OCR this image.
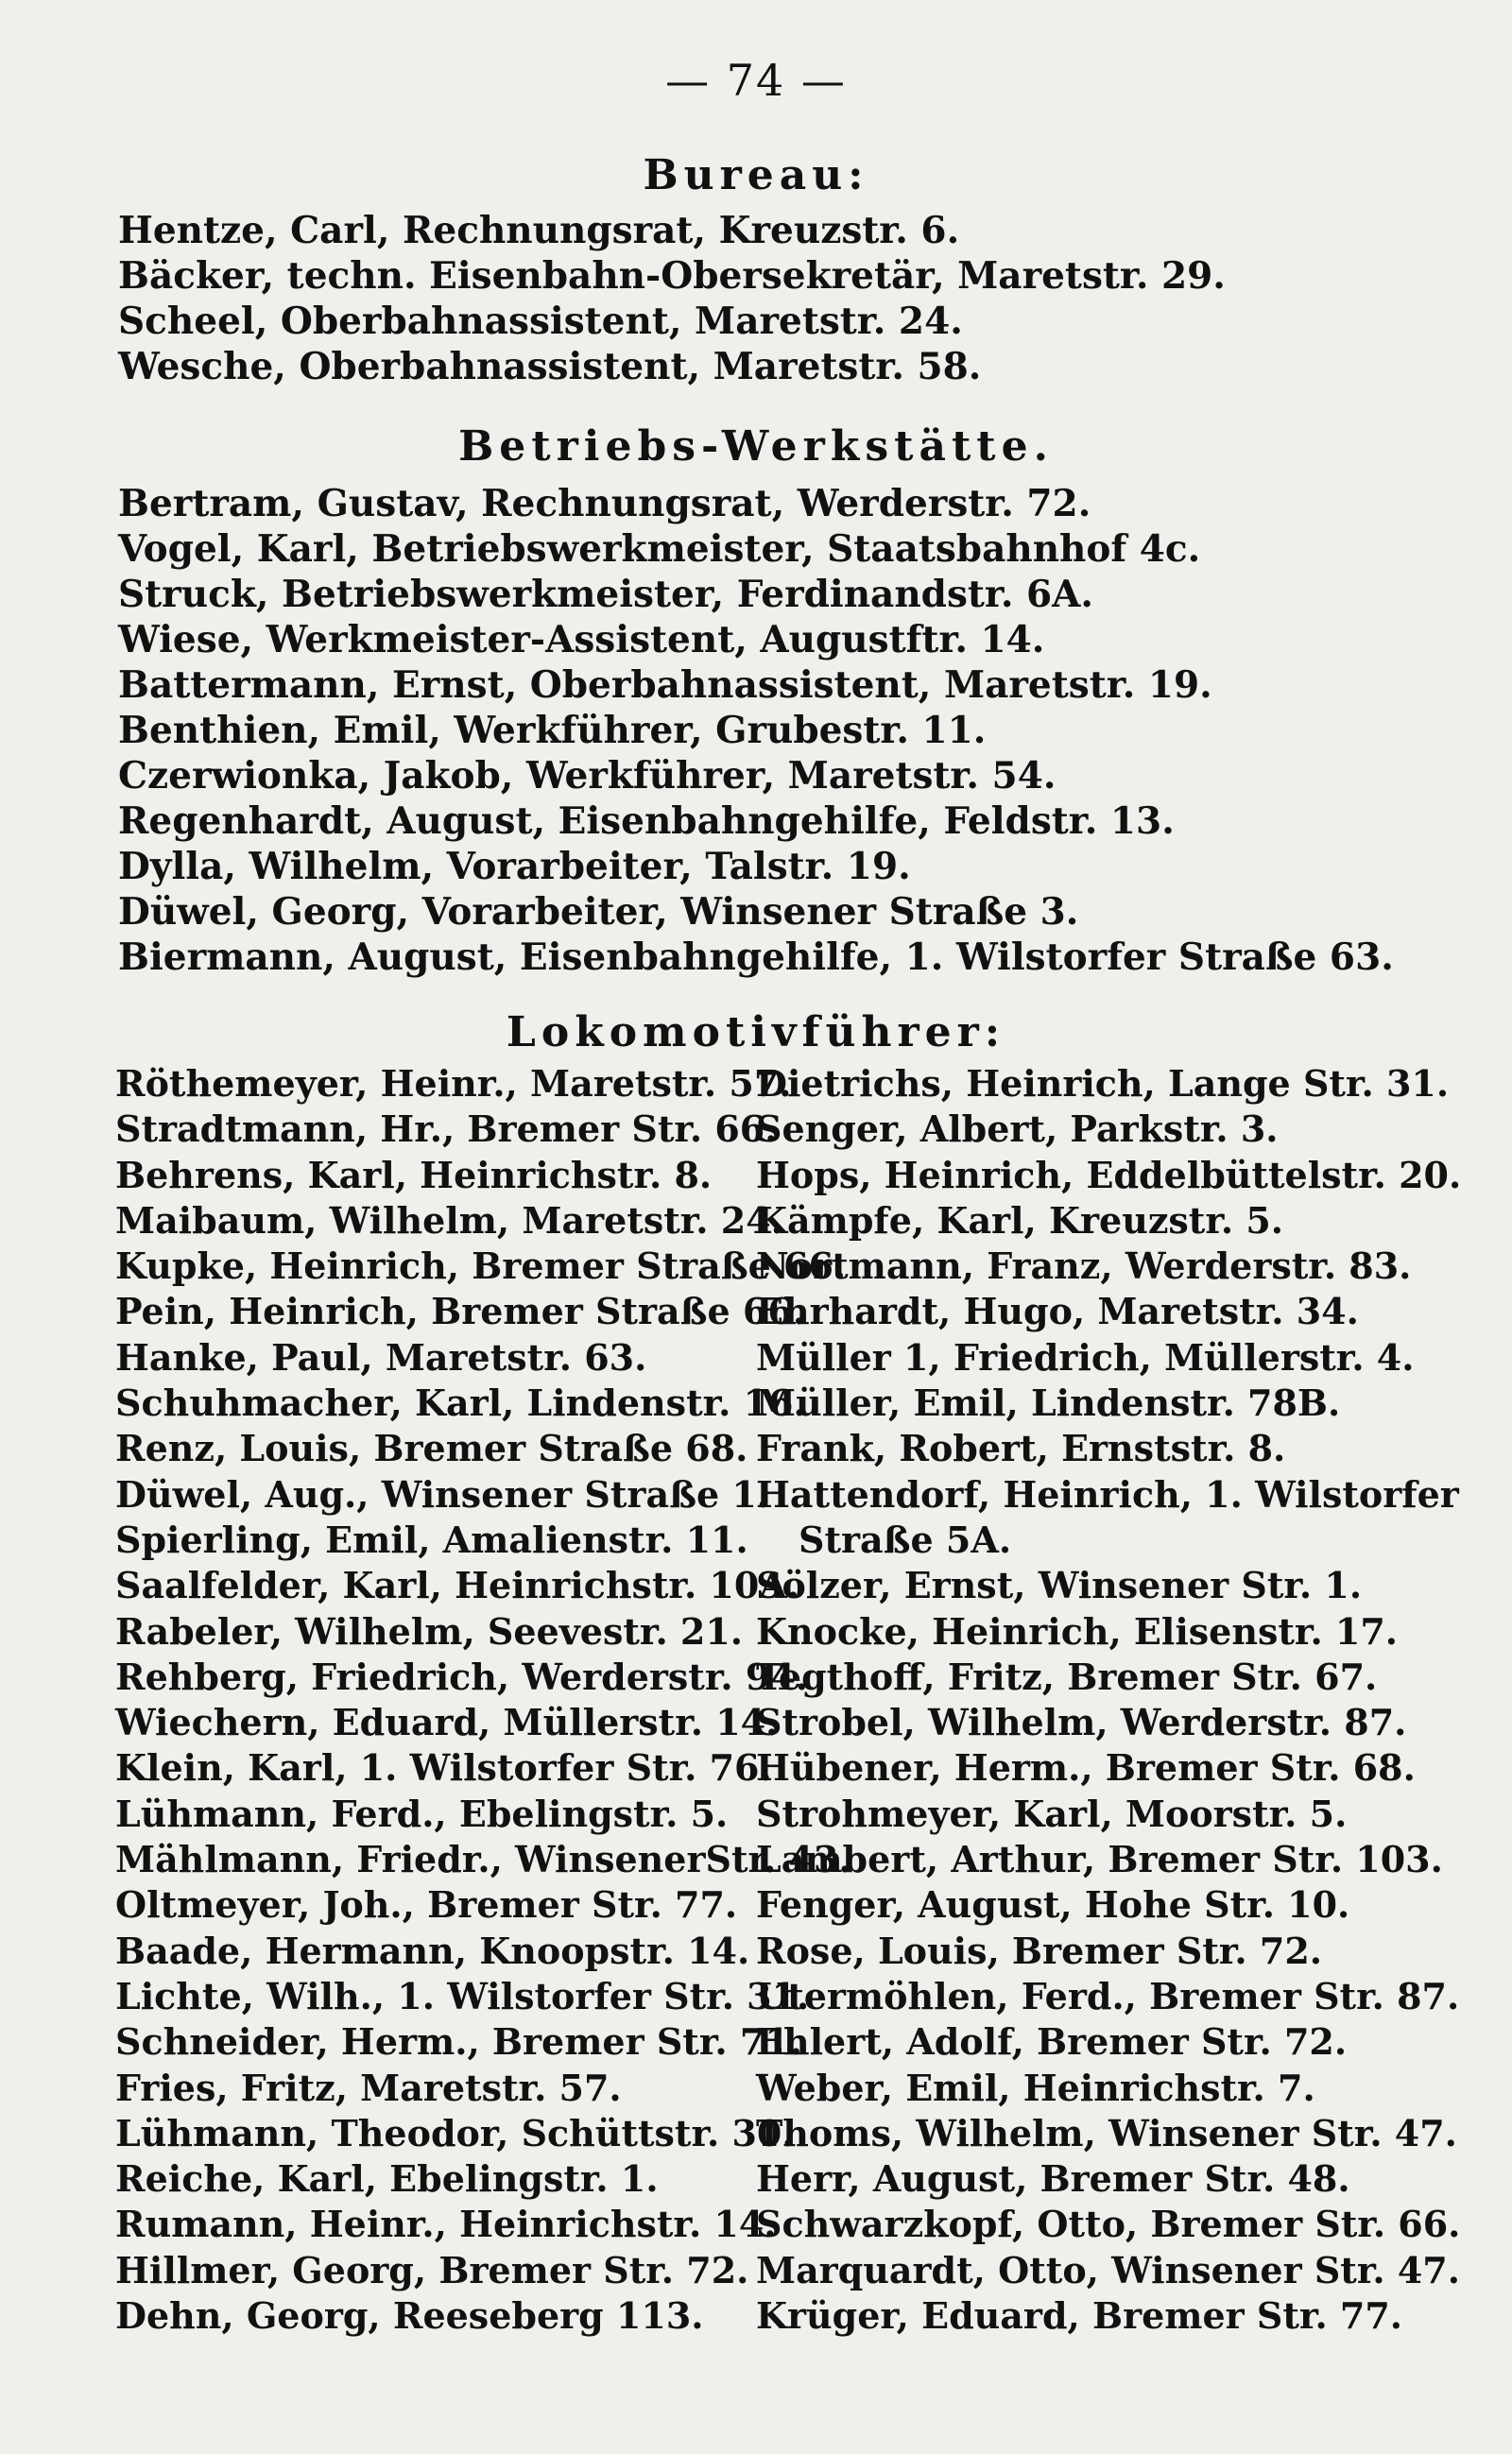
— 74 —
Bureau:
Hentze, Carl, Rechnungsrat, Kreuzstr. 6.
Bäcker, techn. Eisenbahn-Obersekretär, Maretstr. 29.
Scheel, Oberbahnassistent, Maretstr. 24.
Wesche, Oberbahnassistent, Maretstr. 58.
Betriebs-Werkstätte.
Bertram, Gustav, Rechnungsrat, Werderstr. 72.
Vogel, Karl, Betriebswerkmeister, Staatsbahnhof 4c.
Struck, Betriebswerkmeister, Ferdinandstr. 6A.
Wiese, Werkmeister-Assistent, Augustftr. 14.
Battermann, Ernst, Oberbahnassistent, Maretstr. 19.
Benthien, Emil, Werkführer, Grubestr. 11.
Czerwionka, Jakob, Werkführer, Maretstr. 54.
Regenhardt, August, Eisenbahngehilfe, Feldstr. 13.
Dylla, Wilhelm, Vorarbeiter, Talstr. 19.
Düwel, Georg, Vorarbeiter, Winsener Straße 3.
Biermann, August, Eisenbahngehilfe, 1. Wilstorfer Straße 63.
Lokomotivführer:
Röthemeyer, Heinr., Maretstr. 57.
Stradtmann, Hr., Bremer Str. 66.
Behrens, Karl, Heinrichstr. 8.
Maibaum, Wilhelm, Maretstr. 24.
Kupke, Heinrich, Bremer Straße 66.
Pein, Heinrich, Bremer Straße 66.
Hanke, Paul, Maretstr. 63.
Schuhmacher, Karl, Lindenstr. 16.
Renz, Louis, Bremer Straße 68.
Düwel, Aug., Winsener Straße 1.
Spierling, Emil, Amalienstr. 11.
Saalfelder, Karl, Heinrichstr. 10A.
Rabeler, Wilhelm, Seevestr. 21.
Rehberg, Friedrich, Werderstr. 94.
Wiechern, Eduard, Müllerstr. 14.
Klein, Karl, 1. Wilstorfer Str. 76.
Lühmann, Ferd., Ebelingstr. 5.
Mählmann, Friedr., WinsenerStr. 43.
Oltmeyer, Joh., Bremer Str. 77.
Baade, Hermann, Knoopstr. 14.
Lichte, Wilh., 1. Wilstorfer Str. 31.
Schneider, Herm., Bremer Str. 71.
Fries, Fritz, Maretstr. 57.
Lühmann, Theodor, Schüttstr. 30.
Reiche, Karl, Ebelingstr. 1.
Rumann, Heinr., Heinrichstr. 14.
Hillmer, Georg, Bremer Str. 72.
Dehn, Georg, Reeseberg 113.
Dietrichs, Heinrich, Lange Str. 31.
Senger, Albert, Parkstr. 3.
Hops, Heinrich, Eddelbüttelstr. 20.
Kämpfe, Karl, Kreuzstr. 5.
Nortmann, Franz, Werderstr. 83.
Ehrhardt, Hugo, Maretstr. 34.
Müller 1, Friedrich, Müllerstr. 4.
Müller, Emil, Lindenstr. 78B.
Frank, Robert, Ernststr. 8.
Hattendorf, Heinrich, 1. Wilstorfer
Straße 5A.
Sölzer, Ernst, Winsener Str. 1.
Knocke, Heinrich, Elisenstr. 17.
Tegthoff, Fritz, Bremer Str. 67.
Strobel, Wilhelm, Werderstr. 87.
Hübener, Herm., Bremer Str. 68.
Strohmeyer, Karl, Moorstr. 5.
Lambert, Arthur, Bremer Str. 103.
Fenger, August, Hohe Str. 10.
Rose, Louis, Bremer Str. 72.
Utermöhlen, Ferd., Bremer Str. 87.
Ehlert, Adolf, Bremer Str. 72.
Weber, Emil, Heinrichstr. 7.
Thoms, Wilhelm, Winsener Str. 47.
Herr, August, Bremer Str. 48.
Schwarzkopf, Otto, Bremer Str. 66.
Marquardt, Otto, Winsener Str. 47.
Krüger, Eduard, Bremer Str. 77.
